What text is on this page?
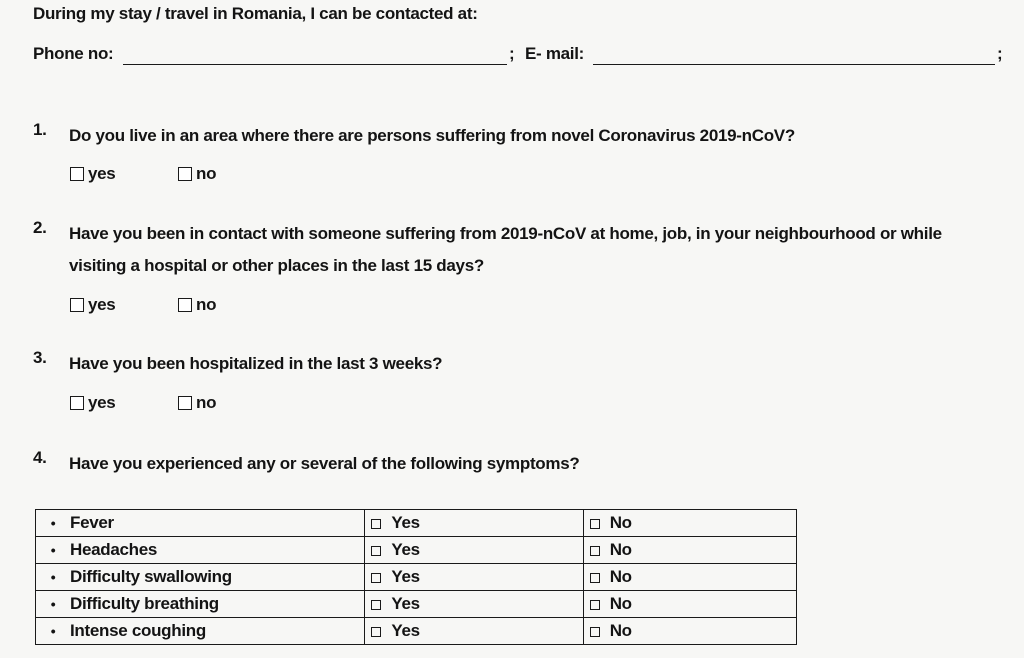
During my stay / travel in Romania, I can be contacted at:
Phone no:	; E- mail:	;
1.	Do you live in an area where there are persons suffering from novel Coronavirus 2019-nCoV?
yes	no
2.	Have you been in contact with someone suffering from 2019-nCoV at home, job, in your neighbourhood or while visiting a hospital or other places in the last 15 days?
yes	no
3.	Have you been hospitalized in the last 3 weeks?
yes	no
4.	Have you experienced any or several of the following symptoms?
• Fever	Yes	No
• Headaches	Yes	No
• Difficulty swallowing	Yes	No
• Difficulty breathing	Yes	No
• Intense coughing	Yes	No
